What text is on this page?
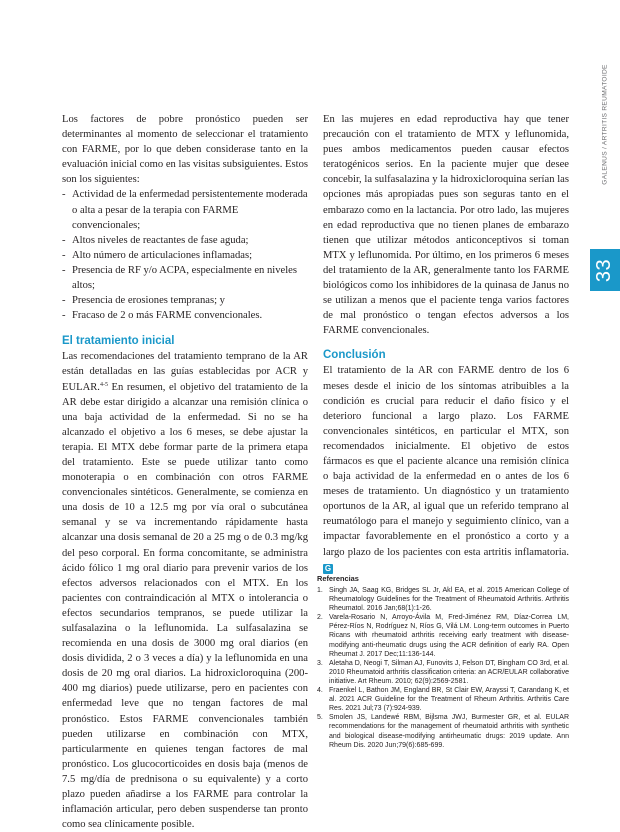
Los factores de pobre pronóstico pueden ser determinantes al momento de seleccionar el tratamiento con FARME, por lo que deben considerase tanto en la evaluación inicial como en las visitas subsiguientes. Estos son los siguientes:

- Actividad de la enfermedad persistentemente moderada o alta a pesar de la terapia con FARME convencionales;
- Altos niveles de reactantes de fase aguda;
- Alto número de articulaciones inflamadas;
- Presencia de RF y/o ACPA, especialmente en niveles altos;
- Presencia de erosiones tempranas; y
- Fracaso de 2 o más FARME convencionales.
El tratamiento inicial

Las recomendaciones del tratamiento temprano de la AR están detalladas en las guías establecidas por ACR y EULAR.$^{4-5}$ En resumen, el objetivo del tratamiento de la AR debe estar dirigido a alcanzar una remisión clínica o una baja actividad de la enfermedad. Si no se ha alcanzado el objetivo a los 6 meses, se debe ajustar la terapia. El MTX debe formar parte de la primera etapa del tratamiento. Este se puede utilizar tanto como monoterapia o en combinación con otros FARME convencionales sintéticos. Generalmente, se comienza en una dosis de 10 a 12.5 mg por vía oral o subcutánea semanal y se va incrementando rápidamente hasta alcanzar una dosis semanal de 20 a 25 mg o de 0.3 mg/kg del peso corporal. En forma concomitante, se administra ácido fólico 1 mg oral diario para prevenir varios de los efectos adversos relacionados con el MTX. En los pacientes con contraindicación al MTX o intolerancia o efectos secundarios tempranos, se puede utilizar la sulfasalazina o la leflunomida. La sulfasalazina se recomienda en una dosis de 3000 mg oral diarios (en dosis dividida, 2 o 3 veces a día) y la leflunomida en una dosis de 20 mg oral diarios. La hidroxicloroquina (200-400 mg diarios) puede utilizarse, pero en pacientes con enfermedad leve que no tengan factores de mal pronóstico. Estos FARME convencionales también pueden utilizarse en combinación con MTX, particularmente en quienes tengan factores de mal pronóstico. Los glucocorticoides en dosis baja (menos de 7.5 mg/día de prednisona o su equivalente) y a corto plazo pueden añadirse a los FARME para controlar la inflamación articular, pero deben suspenderse tan pronto como sea clínicamente posible.

En las mujeres en edad reproductiva hay que tener precaución con el tratamiento de MTX y leflunomida, pues ambos medicamentos pueden causar efectos teratogénicos serios. En la paciente mujer que desee concebir, la sulfasalazina y la hidroxicloroquina serían las opciones más apropiadas pues son seguras tanto en el embarazo como en la lactancia. Por otro lado, las mujeres en edad reproductiva que no tienen planes de embarazo tienen que utilizar métodos anticonceptivos si toman MTX y leflunomida. Por último, en los primeros 6 meses del tratamiento de la AR, generalmente tanto los FARME biológicos como los inhibidores de la quinasa de Janus no se utilizan a menos que el paciente tenga varios factores de mal pronóstico o tengan efectos adversos a los FARME convencionales.

Conclusión

El tratamiento de la AR con FARME dentro de los 6 meses desde el inicio de los síntomas atribuibles a la condición es crucial para reducir el daño físico y el deterioro funcional a largo plazo. Los FARME convencionales sintéticos, en particular el MTX, son recomendados inicialmente. El objetivo de estos fármacos es que el paciente alcance una remisión clínica o baja actividad de la enfermedad en o antes de los 6 meses de tratamiento. Un diagnóstico y un tratamiento oportunos de la AR, al igual que un referido temprano al reumatólogo para el manejo y seguimiento clínico, van a impactar favorablemente en el pronóstico a corto y a largo plazo de los pacientes con esta artritis inflamatoria. G

Referencias
1. Singh JA, Saag KG, Bridges SL Jr, Akl EA, et al. 2015 American College of Rheumatology Guidelines for the Treatment of Rheumatoid Arthritis. Arthritis Rheumatol. 2016 Jan;68(1):1-26.
2. Varela-Rosario N, Arroyo-Ávila M, Fred-Jiménez RM, Díaz-Correa LM, Pérez-Ríos N, Rodríguez N, Ríos G, Vilá LM. Long-term outcomes in Puerto Ricans with rheumatoid arthritis receiving early treatment with disease-modifying anti-rheumatic drugs using the ACR definition of early RA. Open Rheumat J. 2017 Dec;11:136-144.
3. Aletaha D, Neogi T, Silman AJ, Funovits J, Felson DT, Bingham CO 3rd, et al. 2010 Rheumatoid arthritis classification criteria: an ACR/EULAR collaborative initiative. Art Rheum. 2010; 62(9):2569-2581.
4. Fraenkel L, Bathon JM, England BR, St Clair EW, Arayssi T, Carandang K, et al. 2021 ACR Guideline for the Treatment of Rheum Arthritis. Arthritis Care Res. 2021 Jul;73 (7):924-939.
5. Smolen JS, Landewé RBM, Bijlsma JWJ, Burmester GR, et al. EULAR recommendations for the management of rheumatoid arthritis with synthetic and biological disease-modifying antirheumatic drugs: 2019 update. Ann Rheum Dis. 2020 Jun;79(6):685-699.
GALENUS / ARTRITIS REUMATOIDE
33
